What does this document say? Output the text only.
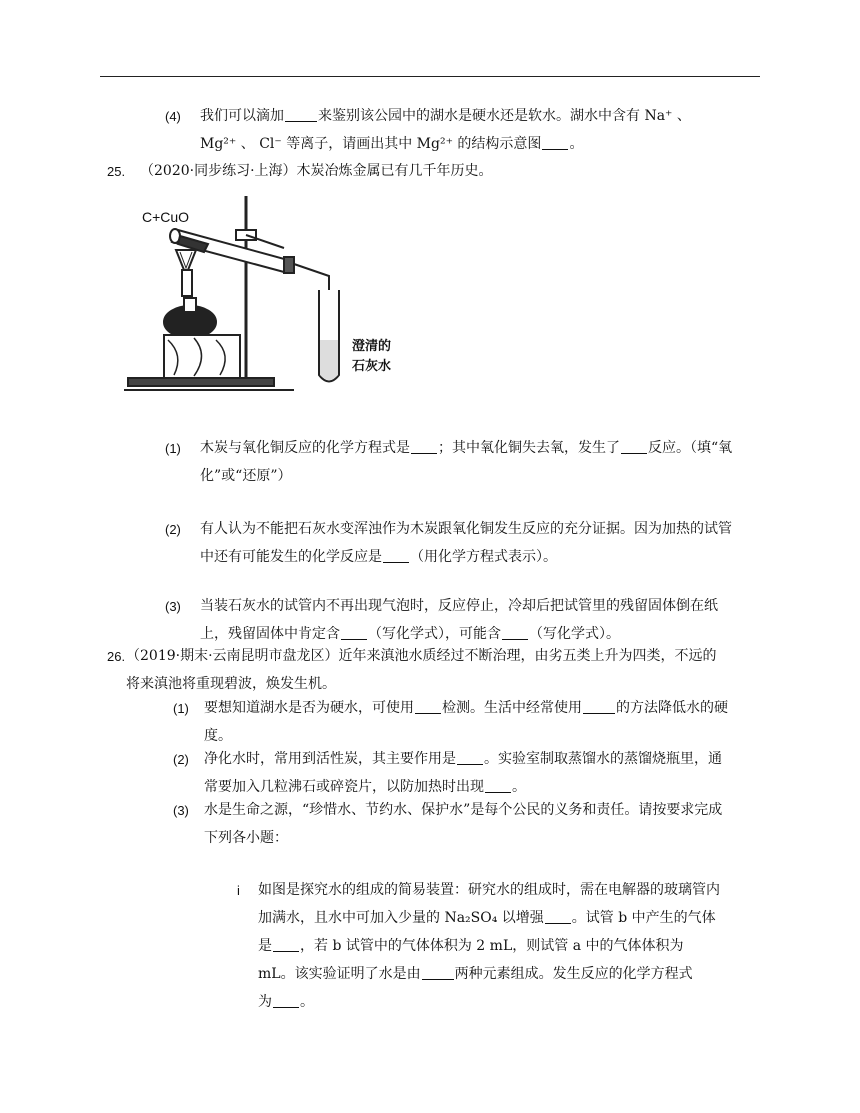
(4) 我们可以滴加 来鉴别该公园中的湖水是硬水还是软水。湖水中含有 Na⁺ 、
Mg²⁺ 、 Cl⁻ 等离子，请画出其中 Mg²⁺ 的结构示意图 。
25. （2020·同步练习·上海）木炭冶炼金属已有几千年历史。
C+CuO
澄清的
石灰水
(1) 木炭与氧化铜反应的化学方程式是 ；其中氧化铜失去氧，发生了 反应。（填“氧
化”或“还原”）
(2) 有人认为不能把石灰水变浑浊作为木炭跟氧化铜发生反应的充分证据。因为加热的试管
中还有可能发生的化学反应是 （用化学方程式表示）。
(3) 当装石灰水的试管内不再出现气泡时，反应停止，冷却后把试管里的残留固体倒在纸
上，残留固体中肯定含 （写化学式），可能含 （写化学式）。
26. （2019·期末·云南昆明市盘龙区）近年来滇池水质经过不断治理，由劣五类上升为四类，不远的
将来滇池将重现碧波，焕发生机。
(1) 要想知道湖水是否为硬水，可使用 检测。生活中经常使用 的方法降低水的硬
度。
(2) 净化水时，常用到活性炭，其主要作用是 。实验室制取蒸馏水的蒸馏烧瓶里，通
常要加入几粒沸石或碎瓷片，以防加热时出现 。
(3) 水是生命之源，“珍惜水、节约水、保护水”是每个公民的义务和责任。请按要求完成
下列各小题：
i 如图是探究水的组成的简易装置：研究水的组成时，需在电解器的玻璃管内
加满水，且水中可加入少量的 Na₂SO₄ 以增强 。试管 b 中产生的气体
是 ，若 b 试管中的气体体积为 2 mL，则试管 a 中的气体体积为
mL。该实验证明了水是由 两种元素组成。发生反应的化学方程式
为 。
